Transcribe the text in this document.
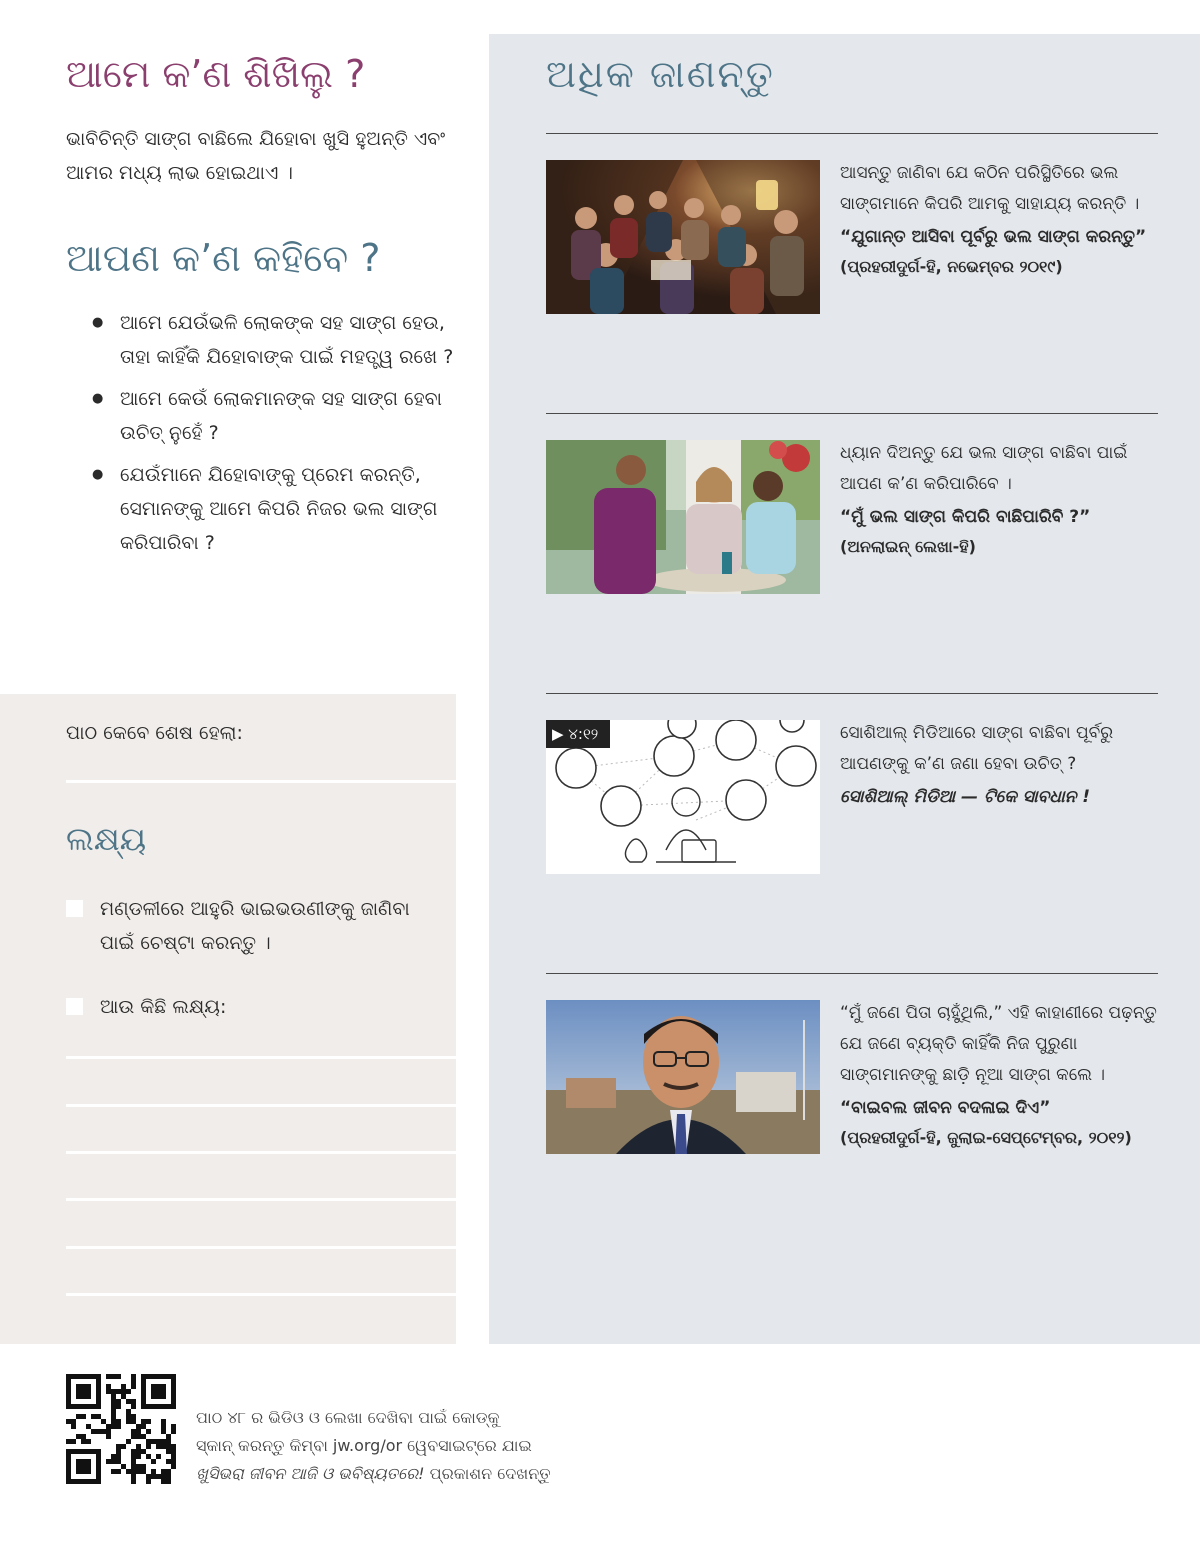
ଆମେ କ’ଣ ଶିଖିଲୁ ?

ଭାବିଚିନ୍ତି ସାଙ୍ଗ ବାଛିଲେ ଯିହୋବା ଖୁସି ହୁଅନ୍ତି ଏବଂ ଆମର ମଧ୍ୟ ଲାଭ ହୋଇଥାଏ ।

ଆପଣ କ’ଣ କହିବେ ?
● ଆମେ ଯେଉଁଭଳି ଲୋକଙ୍କ ସହ ସାଙ୍ଗ ହେଉ, ତାହା କାହିଁକି ଯିହୋବାଙ୍କ ପାଇଁ ମହତ୍ତ୍ୱ ରଖେ ?
● ଆମେ କେଉଁ ଲୋକମାନଙ୍କ ସହ ସାଙ୍ଗ ହେବା ଉଚିତ୍‌ ନୁହେଁ ?
● ଯେଉଁମାନେ ଯିହୋବାଙ୍କୁ ପ୍ରେମ କରନ୍ତି, ସେମାନଙ୍କୁ ଆମେ କିପରି ନିଜର ଭଲ ସାଙ୍ଗ କରିପାରିବା ?
ପାଠ କେବେ ଶେଷ ହେଲା:
ଲକ୍ଷ୍ୟ
ମଣ୍ଡଳୀରେ ଆହୁରି ଭାଇଭଉଣୀଙ୍କୁ ଜାଣିବା ପାଇଁ ଚେଷ୍ଟା କରନ୍ତୁ ।
ଆଉ କିଛି ଲକ୍ଷ୍ୟ:
ଅଧିକ ଜାଣନ୍ତୁ
ଆସନ୍ତୁ ଜାଣିବା ଯେ କଠିନ ପରିସ୍ଥିତିରେ ଭଲ ସାଙ୍ଗମାନେ କିପରି ଆମକୁ ସାହାଯ୍ୟ କରନ୍ତି ।
“ଯୁଗାନ୍ତ ଆସିବା ପୂର୍ବରୁ ଭଲ ସାଙ୍ଗ କରନ୍ତୁ”
(ପ୍ରହରୀଦୁର୍ଗ-ହି, ନଭେମ୍ବର ୨୦୧୯)
ଧ୍ୟାନ ଦିଅନ୍ତୁ ଯେ ଭଲ ସାଙ୍ଗ ବାଛିବା ପାଇଁ ଆପଣ କ’ଣ କରିପାରିବେ ।
“ମୁଁ ଭଲ ସାଙ୍ଗ କିପରି ବାଛିପାରିବି ?”
(ଅନଲାଇନ୍‌ ଲେଖା-ହି)
▶ ୪:୧୨	ସୋଶିଆଲ୍‌ ମିଡିଆରେ ସାଙ୍ଗ ବାଛିବା ପୂର୍ବରୁ ଆପଣଙ୍କୁ କ’ଣ ଜଣା ହେବା ଉଚିତ୍‌ ?
ସୋଶିଆଲ୍‌ ମିଡିଆ — ଟିକେ ସାବଧାନ !
“ମୁଁ ଜଣେ ପିତା ଚାହୁଁଥିଲି,” ଏହି କାହାଣୀରେ ପଢ଼ନ୍ତୁ ଯେ ଜଣେ ବ୍ୟକ୍ତି କାହିଁକି ନିଜ ପୁରୁଣା ସାଙ୍ଗମାନଙ୍କୁ ଛାଡ଼ି ନୂଆ ସାଙ୍ଗ କଲେ ।
“ବାଇବଲ ଜୀବନ ବଦଳାଇ ଦିଏ”
(ପ୍ରହରୀଦୁର୍ଗ-ହି, ଜୁଲାଇ-ସେପ୍ଟେମ୍ବର, ୨୦୧୨)
ପାଠ ୪୮ ର ଭିଡିଓ ଓ ଲେଖା ଦେଖିବା ପାଇଁ କୋଡ୍‌କୁ
ସ୍କାନ୍‌ କରନ୍ତୁ କିମ୍ବା jw.org/or ୱେବସାଇଟ୍‌ରେ ଯାଇ
ଖୁସିଭରା ଜୀବନ ଆଜି ଓ ଭବିଷ୍ୟତରେ! ପ୍ରକାଶନ ଦେଖନ୍ତୁ
